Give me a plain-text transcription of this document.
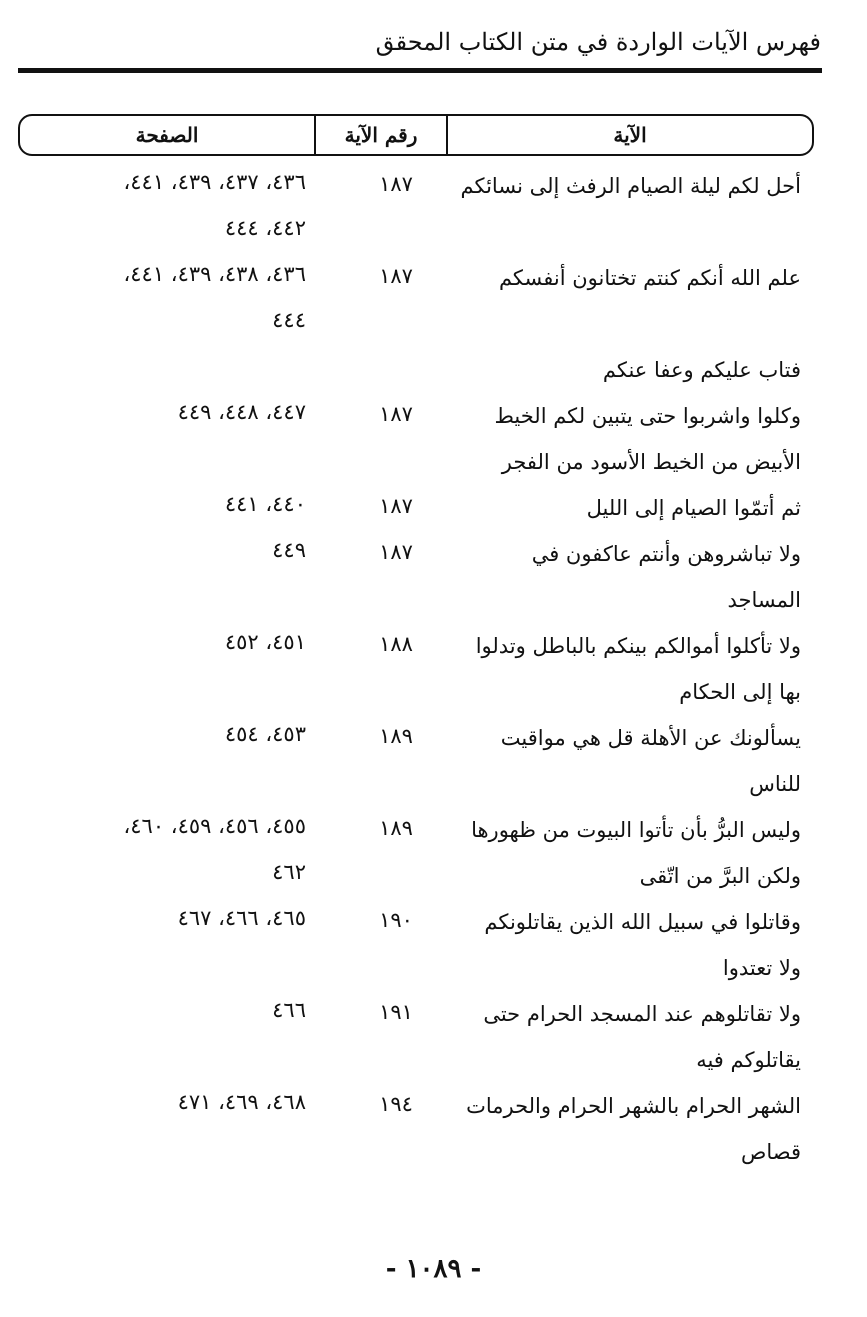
فهرس الآيات الواردة في متن الكتاب المحقق
الآية
رقم الآية
الصفحة
أحل لكم ليلة الصيام الرفث إلى نسائكم
١٨٧
٤٣٦، ٤٣٧، ٤٣٩، ٤٤١،
٤٤٢، ٤٤٤
علم الله أنكم كنتم تختانون أنفسكم
فتاب عليكم وعفا عنكم
١٨٧
٤٣٦، ٤٣٨، ٤٣٩، ٤٤١،
٤٤٤
وكلوا واشربوا حتى يتبين لكم الخيط
الأبيض من الخيط الأسود من الفجر
١٨٧
٤٤٧، ٤٤٨، ٤٤٩
ثم أتمّوا الصيام إلى الليل
١٨٧
٤٤٠، ٤٤١
ولا تباشروهن وأنتم عاكفون في
المساجد
١٨٧
٤٤٩
ولا تأكلوا أموالكم بينكم بالباطل وتدلوا
بها إلى الحكام
١٨٨
٤٥١، ٤٥٢
يسألونك عن الأهلة قل هي مواقيت
للناس
١٨٩
٤٥٣، ٤٥٤
وليس البرُّ بأن تأتوا البيوت من ظهورها
ولكن البرَّ من اتّقى
١٨٩
٤٥٥، ٤٥٦، ٤٥٩، ٤٦٠،
٤٦٢
وقاتلوا في سبيل الله الذين يقاتلونكم
ولا تعتدوا
١٩٠
٤٦٥، ٤٦٦، ٤٦٧
ولا تقاتلوهم عند المسجد الحرام حتى
يقاتلوكم فيه
١٩١
٤٦٦
الشهر الحرام بالشهر الحرام والحرمات
قصاص
١٩٤
٤٦٨، ٤٦٩، ٤٧١
- ١٠٨٩ -
